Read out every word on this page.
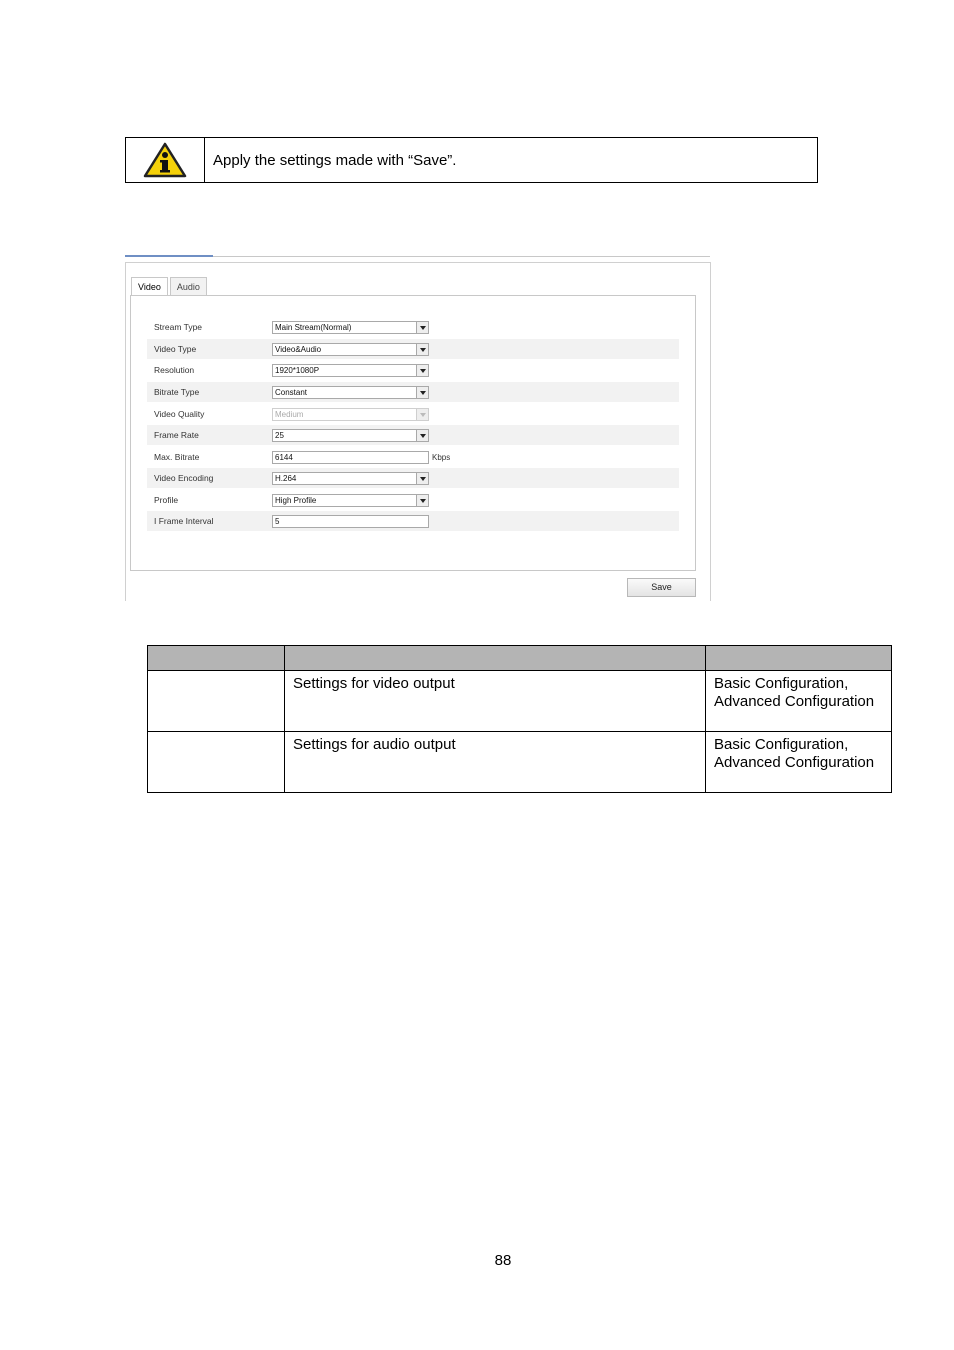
Apply the settings made with “Save”.
Video	Audio
Stream Type	Main Stream(Normal)
Video Type	Video&Audio
Resolution	1920*1080P
Bitrate Type	Constant
Video Quality	Medium
Frame Rate	25
Max. Bitrate	6144	Kbps
Video Encoding	H.264
Profile	High Profile
I Frame Interval	5
Save

	Settings for video output	Basic Configuration, Advanced Configuration
	Settings for audio output	Basic Configuration, Advanced Configuration
88
